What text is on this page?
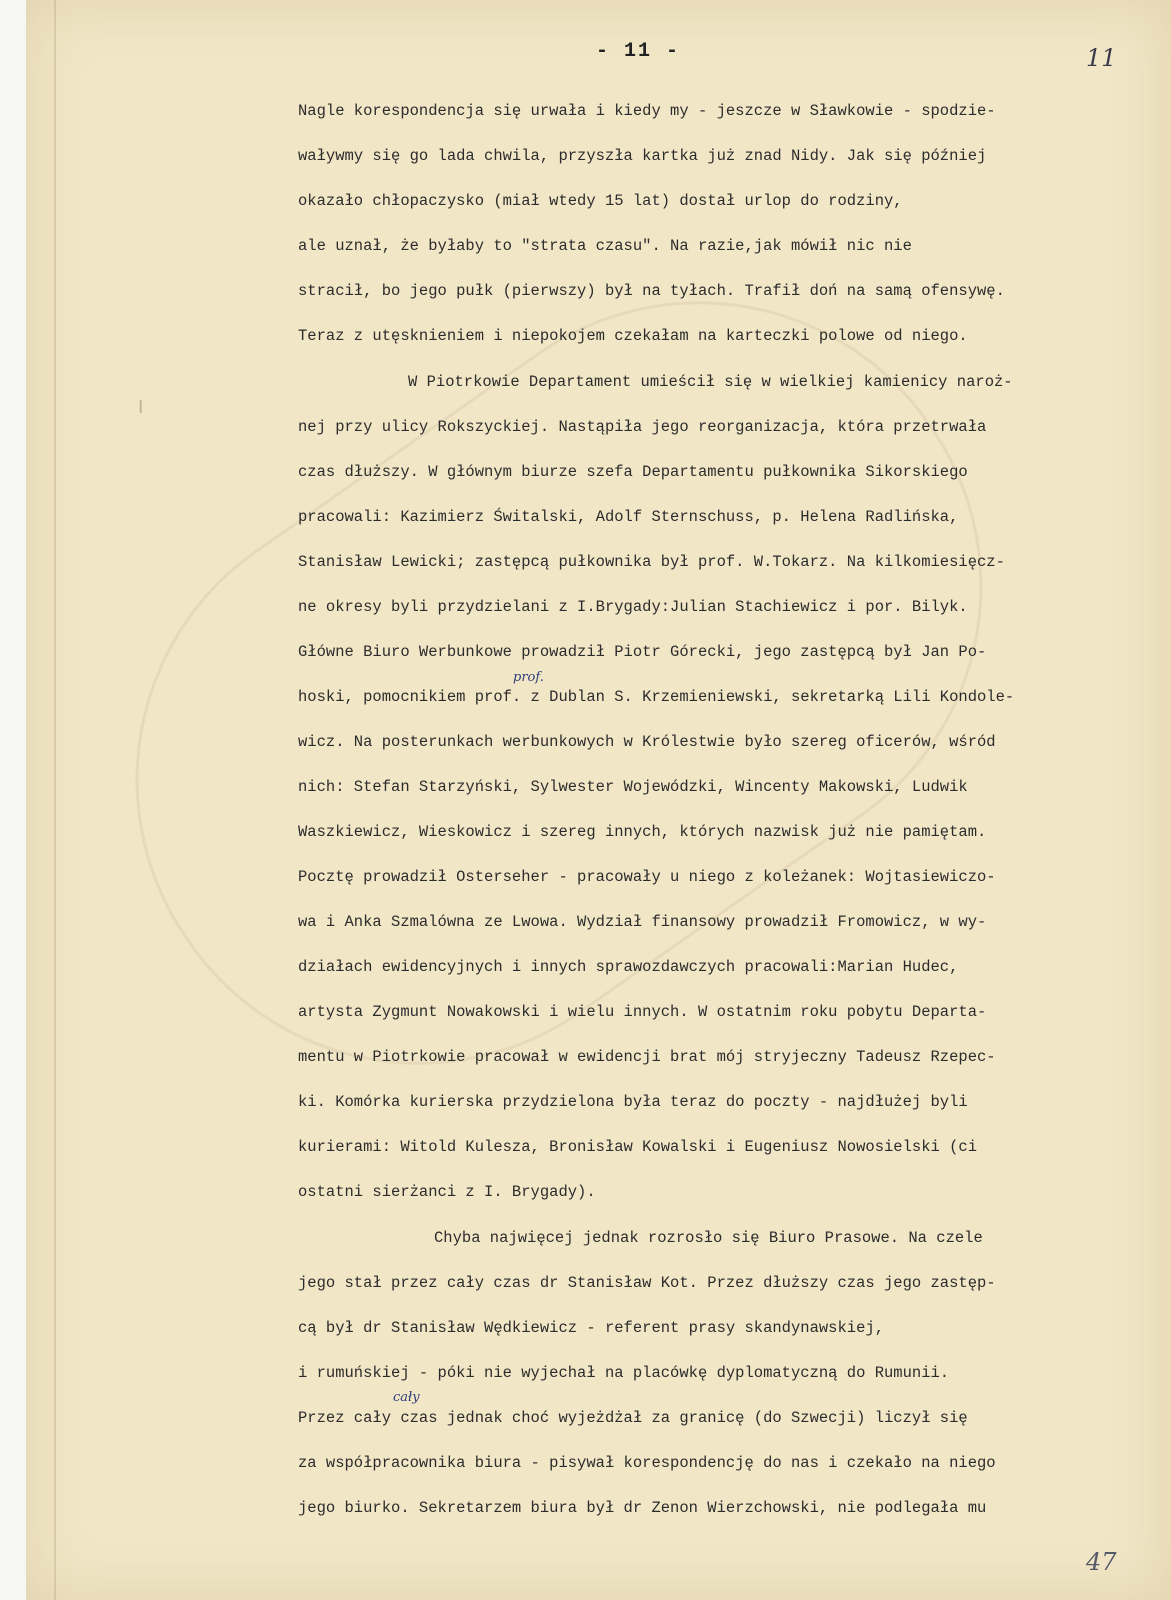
- 11 -	11
I
Nagle korespondencja się urwała i kiedy my - jeszcze w Sławkowie - spodzie-
waływmy się go lada chwila, przyszła kartka już znad Nidy. Jak się później
okazało chłopaczysko (miał wtedy 15 lat) dostał urlop do rodziny,
ale uznał, że byłaby to "strata czasu". Na razie,jak mówił nic nie
stracił, bo jego pułk (pierwszy) był na tyłach. Trafił doń na samą ofensywę.
Teraz z utęsknieniem i niepokojem czekałam na karteczki polowe od niego.
W Piotrkowie Departament umieścił się w wielkiej kamienicy naroż-
nej przy ulicy Rokszyckiej. Nastąpiła jego reorganizacja, która przetrwała
czas dłuższy. W głównym biurze szefa Departamentu pułkownika Sikorskiego
pracowali: Kazimierz Świtalski, Adolf Sternschuss, p. Helena Radlińska,
Stanisław Lewicki; zastępcą pułkownika był prof. W.Tokarz. Na kilkomiesięcz-
ne okresy byli przydzielani z I.Brygady:Julian Stachiewicz i por. Bilyk.
Główne Biuro Werbunkowe prowadził Piotr Górecki, jego zastępcą był Jan Po-
hoski, pomocnikiem prof. z Dublan S. Krzemieniewski, sekretarką Lili Kondole-
wicz. Na posterunkach werbunkowych w Królestwie było szereg oficerów, wśród
nich: Stefan Starzyński, Sylwester Wojewódzki, Wincenty Makowski, Ludwik
Waszkiewicz, Wieskowicz i szereg innych, których nazwisk już nie pamiętam.
Pocztę prowadził Osterseher - pracowały u niego z koleżanek: Wojtasiewiczo-
wa i Anka Szmalówna ze Lwowa. Wydział finansowy prowadził Fromowicz, w wy-
działach ewidencyjnych i innych sprawozdawczych pracowali:Marian Hudec,
artysta Zygmunt Nowakowski i wielu innych. W ostatnim roku pobytu Departa-
mentu w Piotrkowie pracował w ewidencji brat mój stryjeczny Tadeusz Rzepec-
ki. Komórka kurierska przydzielona była teraz do poczty - najdłużej byli
kurierami: Witold Kulesza, Bronisław Kowalski i Eugeniusz Nowosielski (ci
ostatni sierżanci z I. Brygady).
Chyba najwięcej jednak rozrosło się Biuro Prasowe. Na czele
jego stał przez cały czas dr Stanisław Kot. Przez dłuższy czas jego zastęp-
cą był dr Stanisław Wędkiewicz - referent prasy skandynawskiej,
i rumuńskiej - póki nie wyjechał na placówkę dyplomatyczną do Rumunii.
Przez cały czas jednak choć wyjeżdżał za granicę (do Szwecji) liczył się
za współpracownika biura - pisywał korespondencję do nas i czekało na niego
jego biurko. Sekretarzem biura był dr Zenon Wierzchowski, nie podlegała mu
prof.
cały
47
